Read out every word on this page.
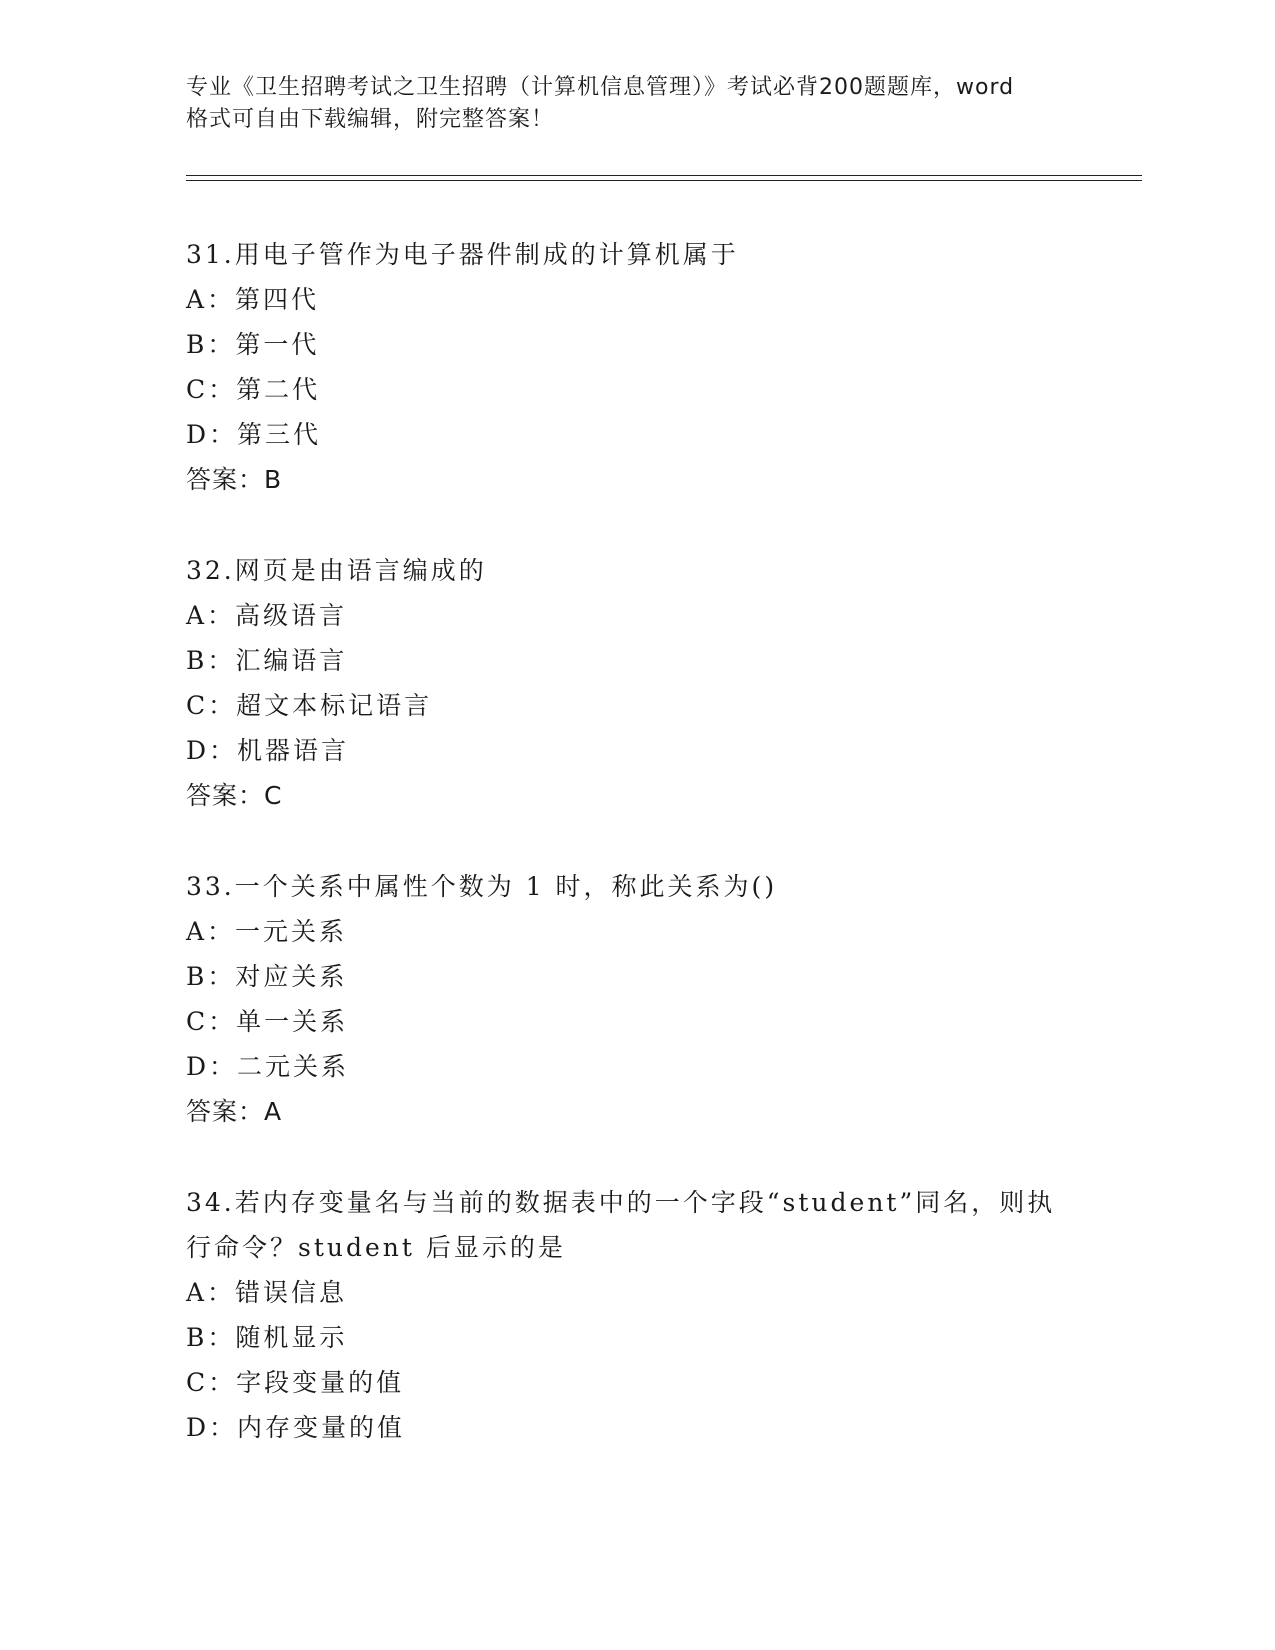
专业《卫生招聘考试之卫生招聘（计算机信息管理）》考试必背200题题库，word
格式可自由下载编辑，附完整答案！
31.用电子管作为电子器件制成的计算机属于
A：第四代
B：第一代
C：第二代
D：第三代
答案：B
32.网页是由语言编成的
A：高级语言
B：汇编语言
C：超文本标记语言
D：机器语言
答案：C
33.一个关系中属性个数为 1 时，称此关系为()
A：一元关系
B：对应关系
C：单一关系
D：二元关系
答案：A
34.若内存变量名与当前的数据表中的一个字段“student”同名，则执行命令？student 后显示的是
A：错误信息
B：随机显示
C：字段变量的值
D：内存变量的值
